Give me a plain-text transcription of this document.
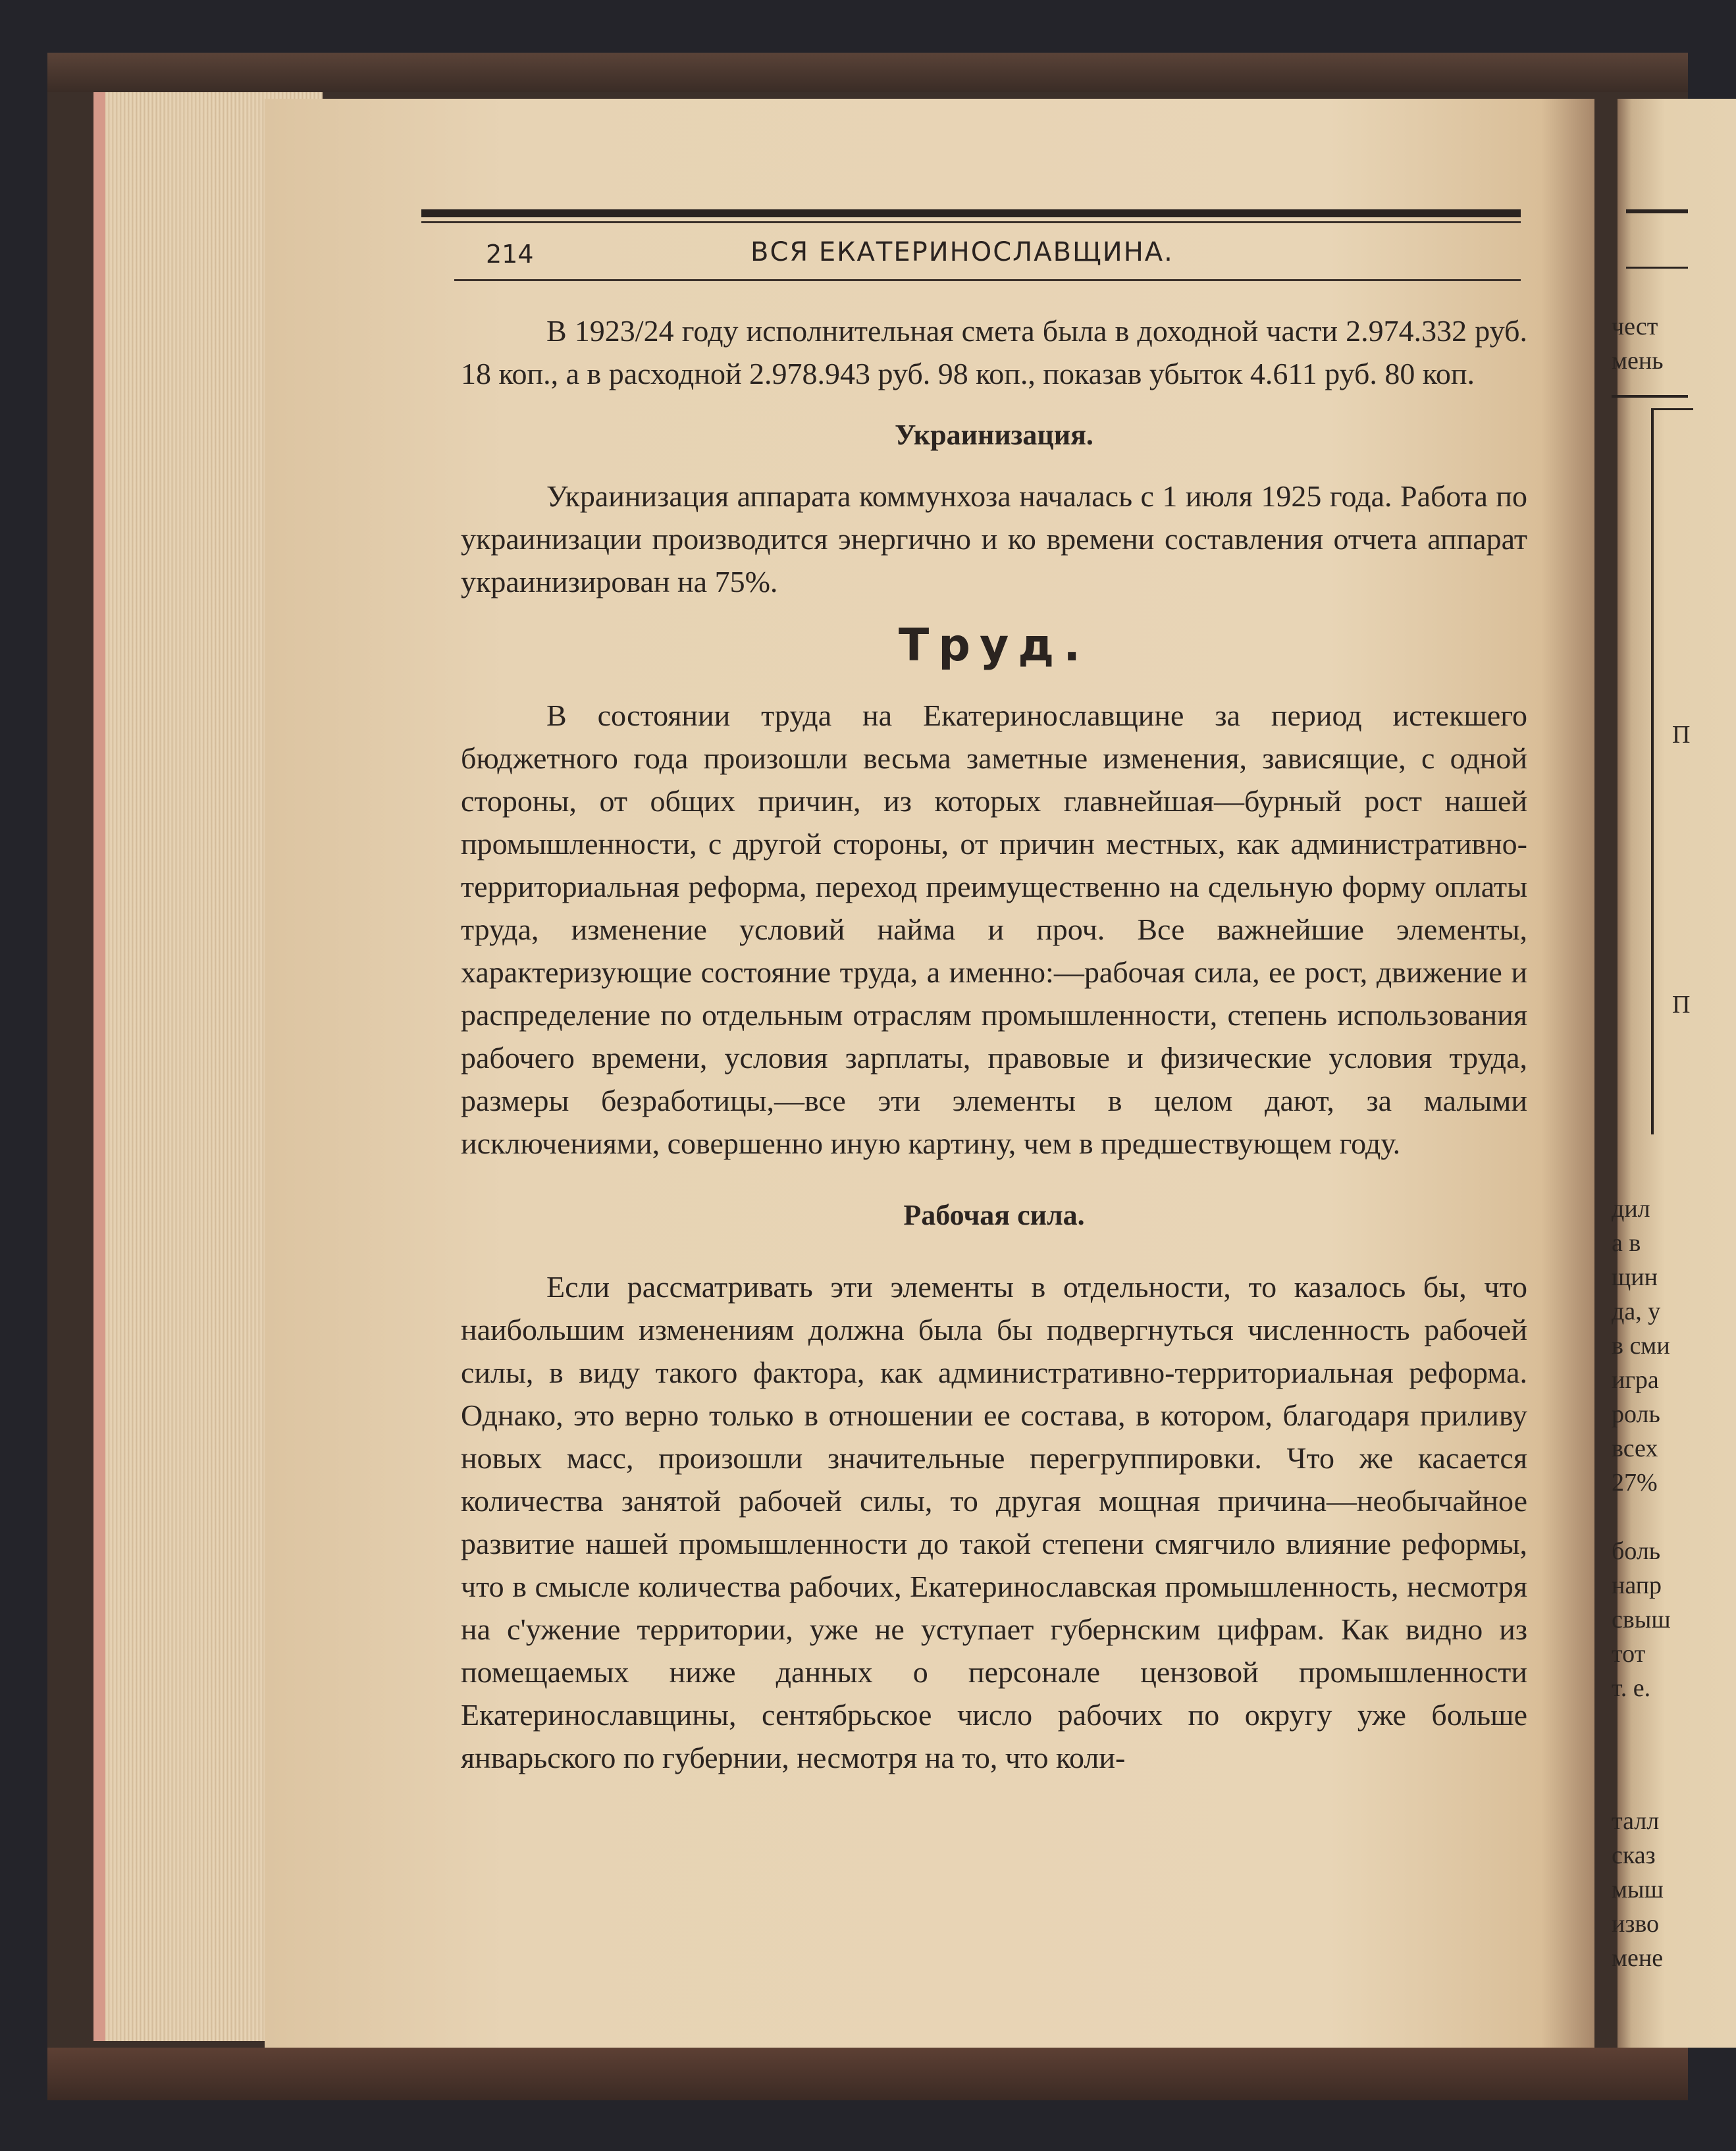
214	ВСЯ ЕКАТЕРИНОСЛАВЩИНА.

В 1923/24 году исполнительная смета была в доходной части 2.974.332 руб. 18 коп., а в расходной 2.978.943 руб. 98 коп., показав убыток 4.611 руб. 80 коп.

Украинизация.

Украинизация аппарата коммунхоза началась с 1 июля 1925 года. Работа по украинизации производится энергично и ко времени составления отчета аппарат украинизирован на 75%.

Труд.

В состоянии труда на Екатеринославщине за период истекшего бюджетного года произошли весьма заметные изменения, зависящие, с одной стороны, от общих причин, из которых главнейшая—бурный рост нашей промышленности, с другой стороны, от причин местных, как административно-территориальная реформа, переход преимущественно на сдельную форму оплаты труда, изменение условий найма и проч. Все важнейшие элементы, характеризующие состояние труда, а именно:—рабочая сила, ее рост, движение и распределение по отдельным отраслям промышленности, степень использования рабочего времени, условия зарплаты, правовые и физические условия труда, размеры безработицы,—все эти элементы в целом дают, за малыми исключениями, совершенно иную картину, чем в предшествующем году.

Рабочая сила.

Если рассматривать эти элементы в отдельности, то казалось бы, что наибольшим изменениям должна была бы подвергнуться численность рабочей силы, в виду такого фактора, как административно-территориальная реформа. Однако, это верно только в отношении ее состава, в котором, благодаря приливу новых масс, произошли значительные перегруппировки. Что же касается количества занятой рабочей силы, то другая мощная причина—необычайное развитие нашей промышленности до такой степени смягчило влияние реформы, что в смысле количества рабочих, Екатеринославская промышленность, несмотря на с'ужение территории, уже не уступает губернским цифрам. Как видно из помещаемых ниже данных о персонале цензовой промышленности Екатеринославщины, сентябрьское число рабочих по округу уже больше январьского по губернии, несмотря на то, что коли-

чест
мень
П
П
дил
а в
щин
да, у
в сми
игра
роль
всех
27%
боль
напр
свыш
тот
т. е.
талл
сказ
мыш
изво
мене
